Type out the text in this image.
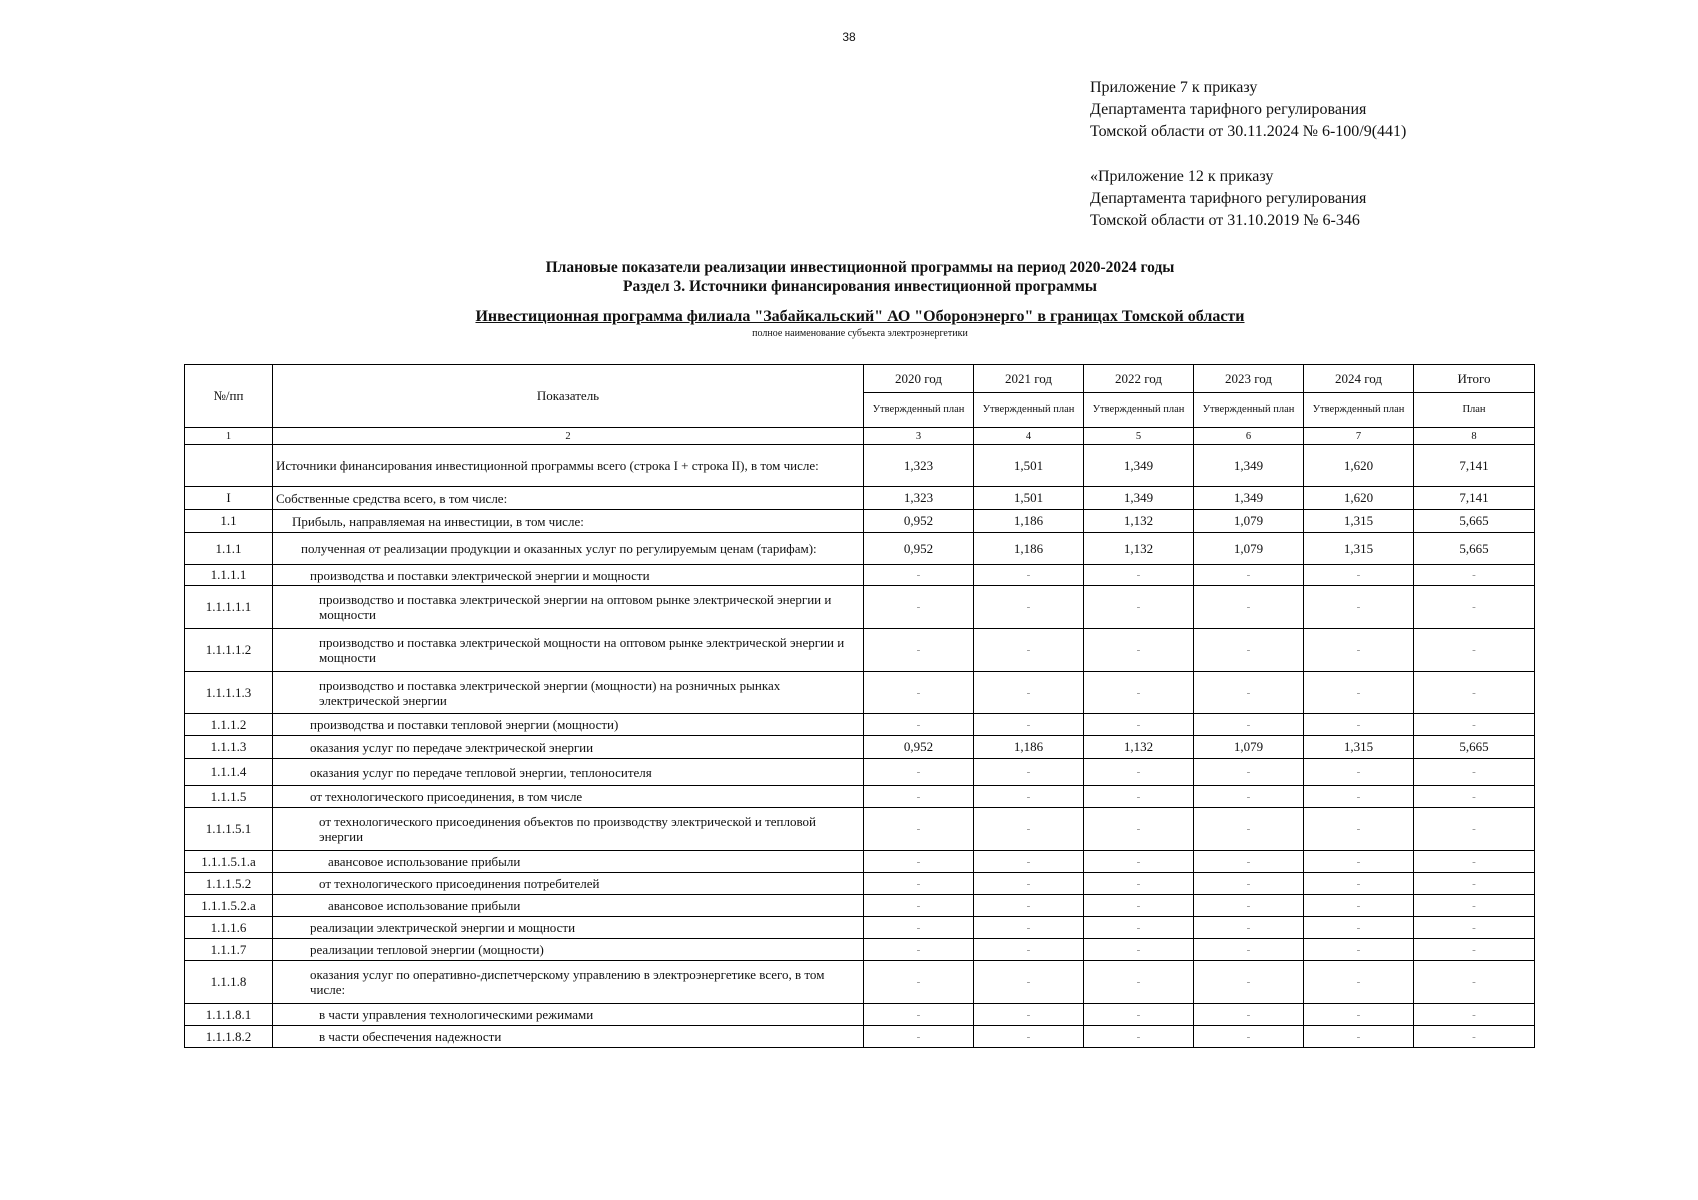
38
Приложение 7 к приказу
Департамента тарифного регулирования
Томской области от 30.11.2024 № 6-100/9(441)
«Приложение 12 к приказу
Департамента тарифного регулирования
Томской области от 31.10.2019 № 6-346
Плановые показатели реализации инвестиционной программы на период 2020-2024 годы
Раздел 3. Источники финансирования инвестиционной программы
Инвестиционная программа филиала "Забайкальский" АО "Оборонэнерго" в границах Томской области
полное наименование субъекта электроэнергетики
№/пп	Показатель	2020 год	2021 год	2022 год	2023 год	2024 год	Итого
		Утвержденный план	Утвержденный план	Утвержденный план	Утвержденный план	Утвержденный план	План
1	2	3	4	5	6	7	8
	Источники финансирования инвестиционной программы всего (строка I + строка II), в том числе:	1,323	1,501	1,349	1,349	1,620	7,141
I	Собственные средства всего, в том числе:	1,323	1,501	1,349	1,349	1,620	7,141
1.1	Прибыль, направляемая на инвестиции, в том числе:	0,952	1,186	1,132	1,079	1,315	5,665
1.1.1	полученная от реализации продукции и оказанных услуг по регулируемым ценам (тарифам):	0,952	1,186	1,132	1,079	1,315	5,665
1.1.1.1	производства и поставки электрической энергии и мощности	-	-	-	-	-	-
1.1.1.1.1	производство и поставка электрической энергии на оптовом рынке электрической энергии и мощности	-	-	-	-	-	-
1.1.1.1.2	производство и поставка электрической мощности на оптовом рынке электрической энергии и мощности	-	-	-	-	-	-
1.1.1.1.3	производство и поставка электрической энергии (мощности) на розничных рынках электрической энергии	-	-	-	-	-	-
1.1.1.2	производства и поставки тепловой энергии (мощности)	-	-	-	-	-	-
1.1.1.3	оказания услуг по передаче электрической энергии	0,952	1,186	1,132	1,079	1,315	5,665
1.1.1.4	оказания услуг по передаче тепловой энергии, теплоносителя	-	-	-	-	-	-
1.1.1.5	от технологического присоединения, в том числе	-	-	-	-	-	-
1.1.1.5.1	от технологического присоединения объектов по производству электрической и тепловой энергии	-	-	-	-	-	-
1.1.1.5.1.а	авансовое использование прибыли	-	-	-	-	-	-
1.1.1.5.2	от технологического присоединения потребителей	-	-	-	-	-	-
1.1.1.5.2.а	авансовое использование прибыли	-	-	-	-	-	-
1.1.1.6	реализации электрической энергии и мощности	-	-	-	-	-	-
1.1.1.7	реализации тепловой энергии (мощности)	-	-	-	-	-	-
1.1.1.8	оказания услуг по оперативно-диспетчерскому управлению в электроэнергетике всего, в том числе:	-	-	-	-	-	-
1.1.1.8.1	в части управления технологическими режимами	-	-	-	-	-	-
1.1.1.8.2	в части обеспечения надежности	-	-	-	-	-	-
